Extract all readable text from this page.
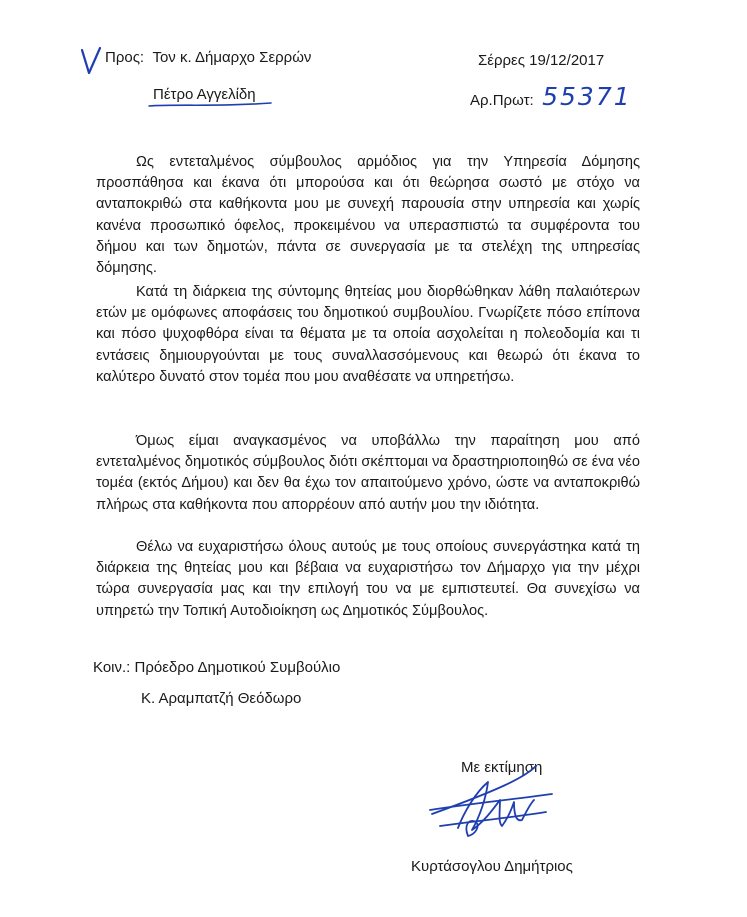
Προς: Τον κ. Δήμαρχο Σερρών
Πέτρο Αγγελίδη
Σέρρες 19/12/2017
Αρ.Πρωτ: 55371

Ως εντεταλμένος σύμβουλος αρμόδιος για την Υπηρεσία Δόμησης προσπάθησα και έκανα ότι μπορούσα και ότι θεώρησα σωστό με στόχο να ανταποκριθώ στα καθήκοντα μου με συνεχή παρουσία στην υπηρεσία και χωρίς κανένα προσωπικό όφελος, προκειμένου να υπερασπιστώ τα συμφέροντα του δήμου και των δημοτών, πάντα σε συνεργασία με τα στελέχη της υπηρεσίας δόμησης.

Κατά τη διάρκεια της σύντομης θητείας μου διορθώθηκαν λάθη παλαιότερων ετών με ομόφωνες αποφάσεις του δημοτικού συμβουλίου. Γνωρίζετε πόσο επίπονα και πόσο ψυχοφθόρα είναι τα θέματα με τα οποία ασχολείται η πολεοδομία και τι εντάσεις δημιουργούνται με τους συναλλασσόμενους και θεωρώ ότι έκανα το καλύτερο δυνατό στον τομέα που μου αναθέσατε να υπηρετήσω.

Όμως είμαι αναγκασμένος να υποβάλλω την παραίτηση μου από εντεταλμένος δημοτικός σύμβουλος διότι σκέπτομαι να δραστηριοποιηθώ σε ένα νέο τομέα (εκτός Δήμου) και δεν θα έχω τον απαιτούμενο χρόνο, ώστε να ανταποκριθώ πλήρως στα καθήκοντα που απορρέουν από αυτήν μου την ιδιότητα.

Θέλω να ευχαριστήσω όλους αυτούς με τους οποίους συνεργάστηκα κατά τη διάρκεια της θητείας μου και βέβαια να ευχαριστήσω τον Δήμαρχο για την μέχρι τώρα συνεργασία μας και την επιλογή του να με εμπιστευτεί. Θα συνεχίσω να υπηρετώ την Τοπική Αυτοδιοίκηση ως Δημοτικός Σύμβουλος.

Κοιν.: Πρόεδρο Δημοτικού Συμβούλιο
Κ. Αραμπατζή Θεόδωρο
Με εκτίμηση
Κυρτάσογλου Δημήτριος
